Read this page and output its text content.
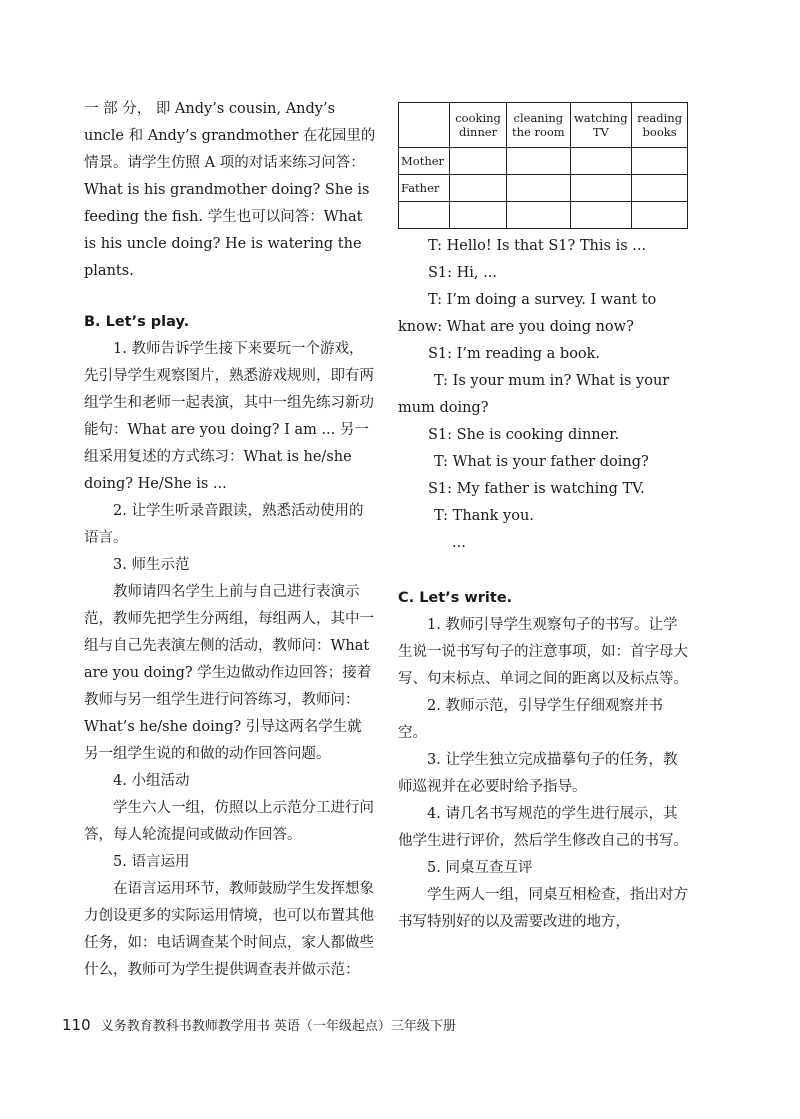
一 部 分， 即 Andy’s cousin, Andy’s uncle 和 Andy’s grandmother 在花园里的情景。请学生仿照 A 项的对话来练习问答：What is his grandmother doing? She is feeding the fish. 学生也可以问答：What is his uncle doing? He is watering the plants.

B. Let’s play.

1. 教师告诉学生接下来要玩一个游戏，先引导学生观察图片，熟悉游戏规则，即有两组学生和老师一起表演，其中一组先练习新功能句：What are you doing? I am ... 另一组采用复述的方式练习：What is he/she doing? He/She is ...

2. 让学生听录音跟读，熟悉活动使用的语言。

3. 师生示范

教师请四名学生上前与自己进行表演示范，教师先把学生分两组，每组两人，其中一组与自己先表演左侧的活动，教师问：What are you doing? 学生边做动作边回答；接着教师与另一组学生进行问答练习，教师问：What’s he/she doing? 引导这两名学生就另一组学生说的和做的动作回答问题。

4. 小组活动

学生六人一组，仿照以上示范分工进行问答，每人轮流提问或做动作回答。

5. 语言运用

在语言运用环节，教师鼓励学生发挥想象力创设更多的实际运用情境，也可以布置其他任务，如：电话调查某个时间点，家人都做些什么，教师可为学生提供调查表并做示范：

	cooking dinner	cleaning the room	watching TV	reading books
Mother				
Father				

T: Hello! Is that S1? This is ...

S1: Hi, ...

T: I’m doing a survey. I want to know: What are you doing now?

S1: I’m reading a book.

T: Is your mum in? What is your mum doing?

S1: She is cooking dinner.

T: What is your father doing?

S1: My father is watching TV.

T: Thank you.

...

C. Let’s write.

1. 教师引导学生观察句子的书写。让学生说一说书写句子的注意事项，如：首字母大写、句末标点、单词之间的距离以及标点等。

2. 教师示范，引导学生仔细观察并书空。

3. 让学生独立完成描摹句子的任务，教师巡视并在必要时给予指导。

4. 请几名书写规范的学生进行展示，其他学生进行评价，然后学生修改自己的书写。

5. 同桌互查互评

学生两人一组，同桌互相检查，指出对方书写特别好的以及需要改进的地方，

110 义务教育教科书教师教学用书 英语（一年级起点）三年级下册
